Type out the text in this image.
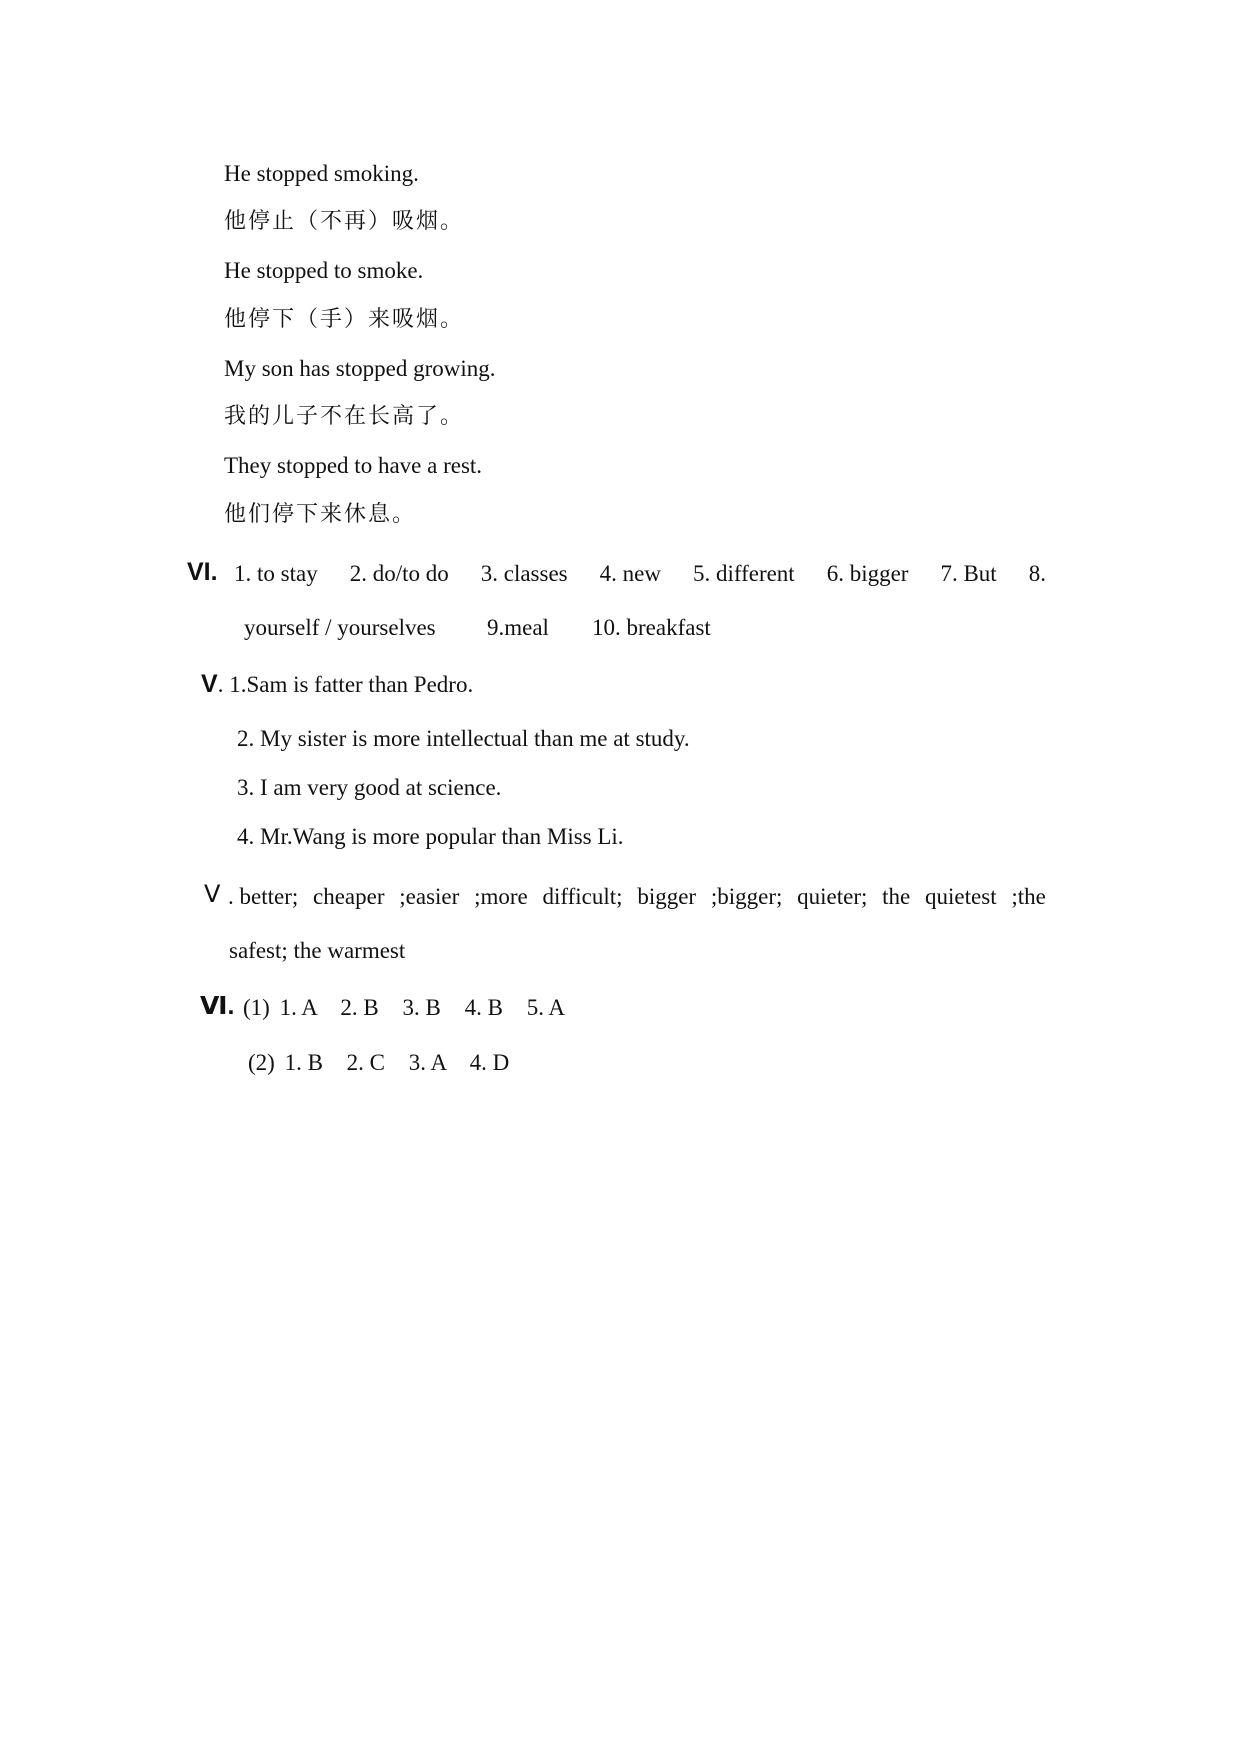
He stopped smoking.
他停止（不再）吸烟。
He stopped to smoke.
他停下（手）来吸烟。
My son has stopped growing.
我的儿子不在长高了。
They stopped to have a rest.
他们停下来休息。
VI. 1. to stay 2. do/to do 3. classes 4. new 5. different 6. bigger 7. But 8.
yourself / yourselves 9.meal 10. breakfast
V. 1.Sam is fatter than Pedro.
2. My sister is more intellectual than me at study.
3. I am very good at science.
4. Mr.Wang is more popular than Miss Li.
Ⅴ . better; cheaper ;easier ;more difficult; bigger ;bigger; quieter; the quietest ;the
safest; the warmest
Ⅵ. (1) 1. A 2. B 3. B 4. B 5. A
(2) 1. B 2. C 3. A 4. D
